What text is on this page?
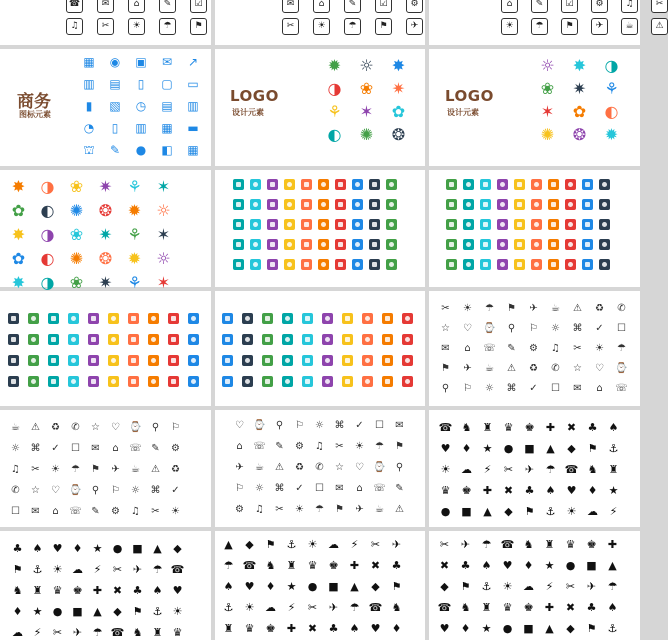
☎	✉	⌂	✎	☑
♫	✂	☀	☂	⚑
✉	⌂	✎	☑	⚙
✂	☀	☂	⚑	✈
⌂	✎	☑	⚙	♫	✂
☀	☂	⚑	✈	☕	⚠
商务
图标元素
▦ ◉ ▣ ✉ ↗
▥ ▤	▯	▢ ▭
▮	▧ ◷ ▤ ▥
◔	▯	▥ ▦ ▬
⛫ ✎ ● ◧ ▦
LOGO
设计元素
✹ ☼ ✸
◑ ❀ ✷
⚘ ✶ ✿
◐ ✺ ❂
LOGO
设计元素
☼ ✸ ◑
❀ ✷ ⚘
✶ ✿ ◐
✺ ❂ ✹
✸ ◑ ❀ ✷ ⚘ ✶
✿ ◐ ✺ ❂ ✹ ☼
✸ ◑ ❀ ✷ ⚘ ✶
✿ ◐ ✺ ❂ ✹ ☼
✸ ◑ ❀ ✷ ⚘ ✶
✂ ☀ ☂ ⚑ ✈ ☕ ⚠ ♻ ✆
☆ ♡ ⌚ ⚲ ⚐ ☼ ⌘ ✓ ☐
✉ ⌂ ☏ ✎ ⚙ ♫ ✂ ☀ ☂
⚑ ✈ ☕ ⚠ ♻ ✆ ☆ ♡ ⌚
⚲ ⚐ ☼ ⌘ ✓ ☐ ✉ ⌂ ☏
☕ ⚠ ♻ ✆ ☆ ♡ ⌚ ⚲ ⚐
☼ ⌘ ✓ ☐ ✉ ⌂ ☏ ✎ ⚙
♫ ✂ ☀ ☂ ⚑ ✈ ☕ ⚠ ♻
✆ ☆ ♡ ⌚ ⚲ ⚐ ☼ ⌘ ✓
☐ ✉ ⌂ ☏ ✎ ⚙ ♫ ✂ ☀
♡ ⌚ ⚲ ⚐ ☼ ⌘ ✓ ☐ ✉
⌂ ☏ ✎ ⚙ ♫ ✂ ☀ ☂ ⚑
✈ ☕ ⚠ ♻ ✆ ☆ ♡ ⌚ ⚲
⚐ ☼ ⌘ ✓ ☐ ✉ ⌂ ☏ ✎
⚙ ♫ ✂ ☀ ☂ ⚑ ✈ ☕ ⚠
☎ ♞ ♜ ♛ ♚ ✚ ✖ ♣ ♠
♥ ♦ ★ ● ■ ▲ ◆ ⚑ ⚓
☀ ☁ ⚡ ✂ ✈ ☂ ☎ ♞ ♜
♛ ♚ ✚ ✖ ♣ ♠ ♥ ♦ ★
● ■ ▲ ◆ ⚑ ⚓ ☀ ☁ ⚡
♣ ♠ ♥ ♦ ★ ● ■ ▲ ◆
⚑ ⚓ ☀ ☁ ⚡ ✂ ✈ ☂ ☎
♞ ♜ ♛ ♚ ✚ ✖ ♣ ♠ ♥
♦ ★ ● ■ ▲ ◆ ⚑ ⚓ ☀
☁ ⚡ ✂ ✈ ☂ ☎ ♞ ♜ ♛
▲ ◆ ⚑ ⚓ ☀ ☁ ⚡ ✂ ✈
☂ ☎ ♞ ♜ ♛ ♚ ✚ ✖ ♣
♠ ♥ ♦ ★ ● ■ ▲ ◆ ⚑
⚓ ☀ ☁ ⚡ ✂ ✈ ☂ ☎ ♞
♜ ♛ ♚ ✚ ✖ ♣ ♠ ♥ ♦
✂ ✈ ☂ ☎ ♞ ♜ ♛ ♚ ✚
✖ ♣ ♠ ♥ ♦ ★ ● ■ ▲
◆ ⚑ ⚓ ☀ ☁ ⚡ ✂ ✈ ☂
☎ ♞ ♜ ♛ ♚ ✚ ✖ ♣ ♠
♥ ♦ ★ ● ■ ▲ ◆ ⚑ ⚓
